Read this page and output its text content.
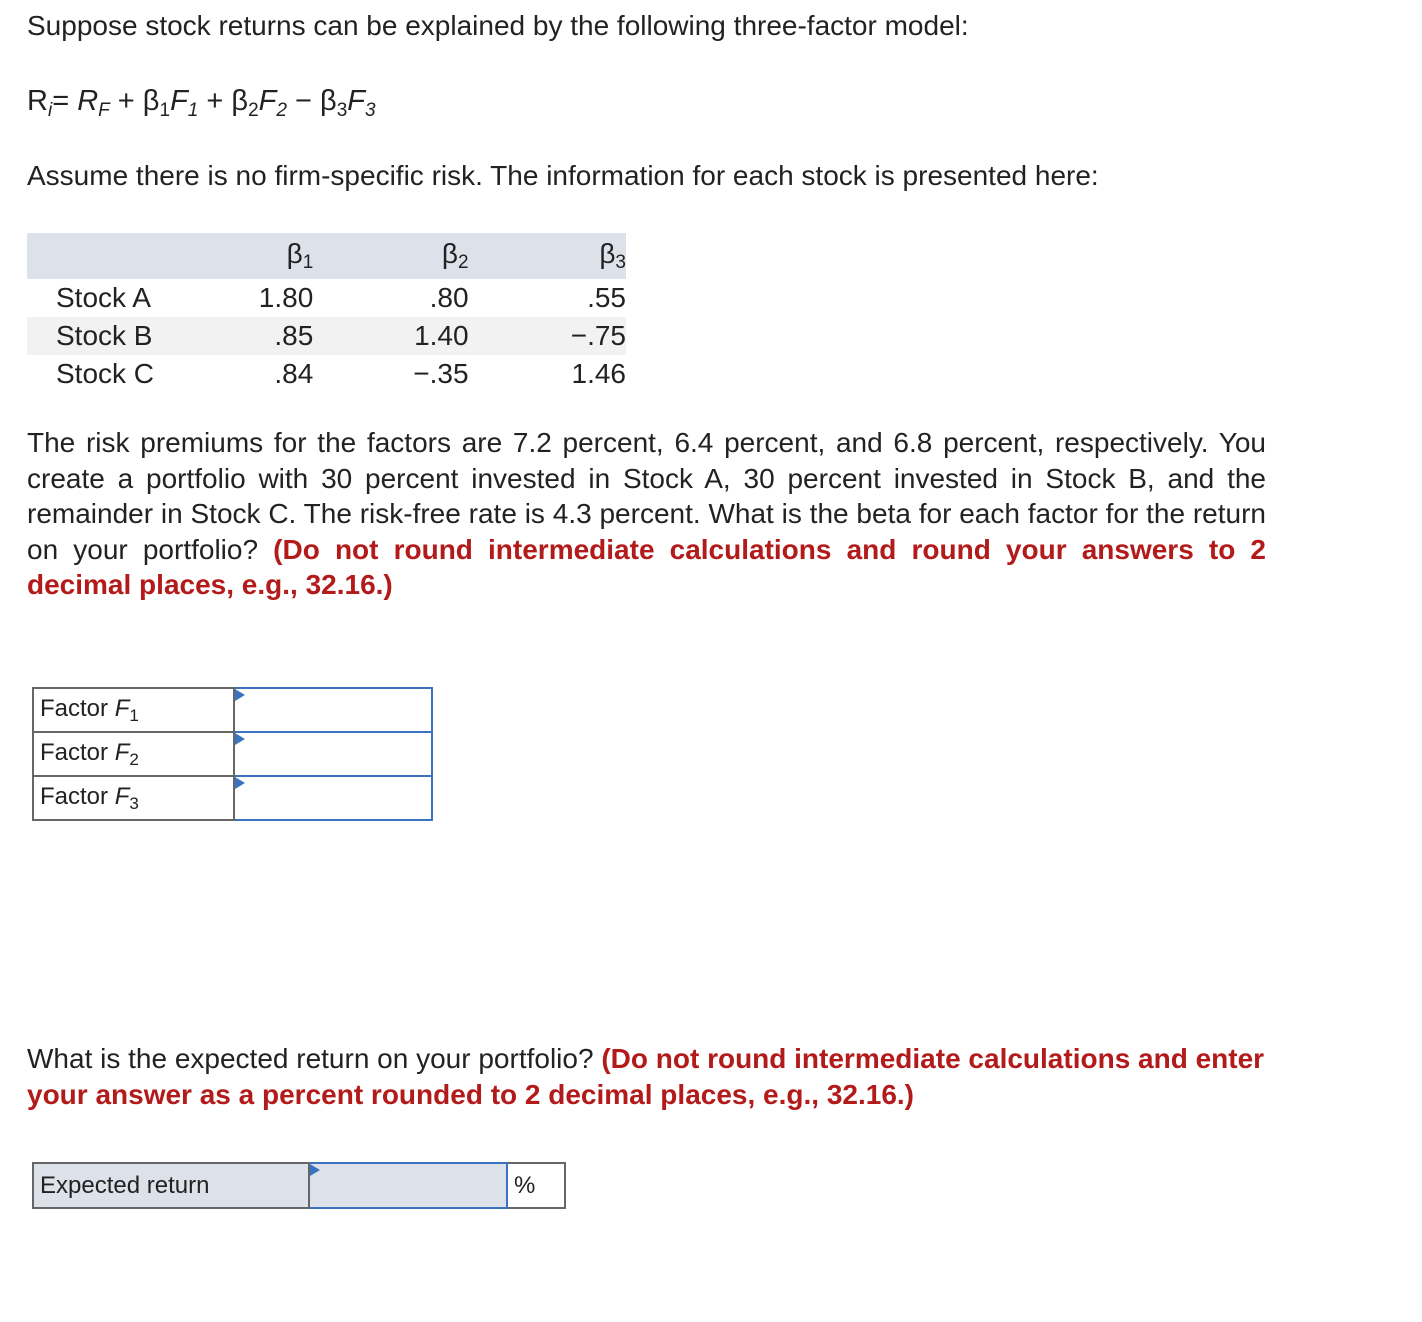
Suppose stock returns can be explained by the following three-factor model:

$R_i= R_F + \beta_1F_1 + \beta_2F_2 - \beta_3F_3$

Assume there is no firm-specific risk. The information for each stock is presented here:

	$\beta_1$	$\beta_2$	$\beta_3$
Stock A	1.80	.80	.55
Stock B	.85	1.40	−.75
Stock C	.84	−.35	1.46

The risk premiums for the factors are 7.2 percent, 6.4 percent, and 6.8 percent, respectively. You create a portfolio with 30 percent invested in Stock A, 30 percent invested in Stock B, and the remainder in Stock C. The risk-free rate is 4.3 percent. What is the beta for each factor for the return on your portfolio? (Do not round intermediate calculations and round your answers to 2 decimal places, e.g., 32.16.)

Factor $F_1$	

Factor $F_2$	

Factor $F_3$	

What is the expected return on your portfolio? (Do not round intermediate calculations and enter your answer as a percent rounded to 2 decimal places, e.g., 32.16.)

Expected return		%
